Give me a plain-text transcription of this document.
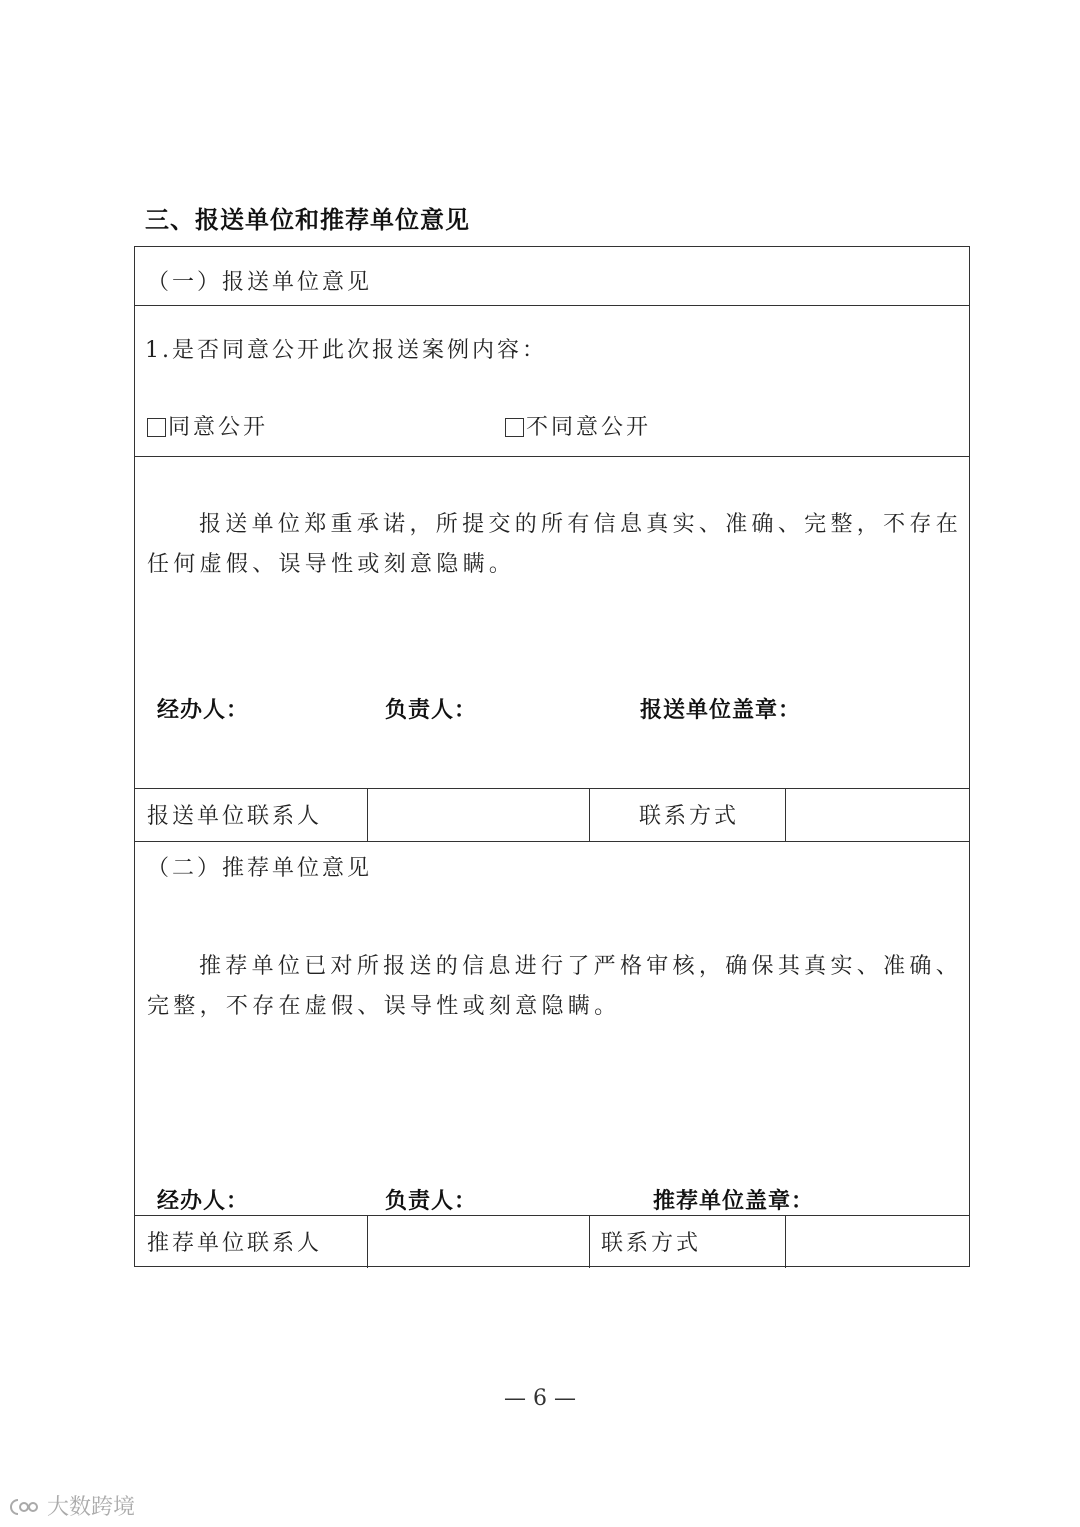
三、报送单位和推荐单位意见
（一）报送单位意见
1.是否同意公开此次报送案例内容：
同意公开	不同意公开
报送单位郑重承诺，所提交的所有信息真实、准确、完整，不存在任何虚假、误导性或刻意隐瞒。
经办人：	负责人：	报送单位盖章：
报送单位联系人	联系方式
（二）推荐单位意见
推荐单位已对所报送的信息进行了严格审核，确保其真实、准确、完整，不存在虚假、误导性或刻意隐瞒。
经办人：	负责人：	推荐单位盖章：
推荐单位联系人	联系方式
— 6 —
大数跨境
